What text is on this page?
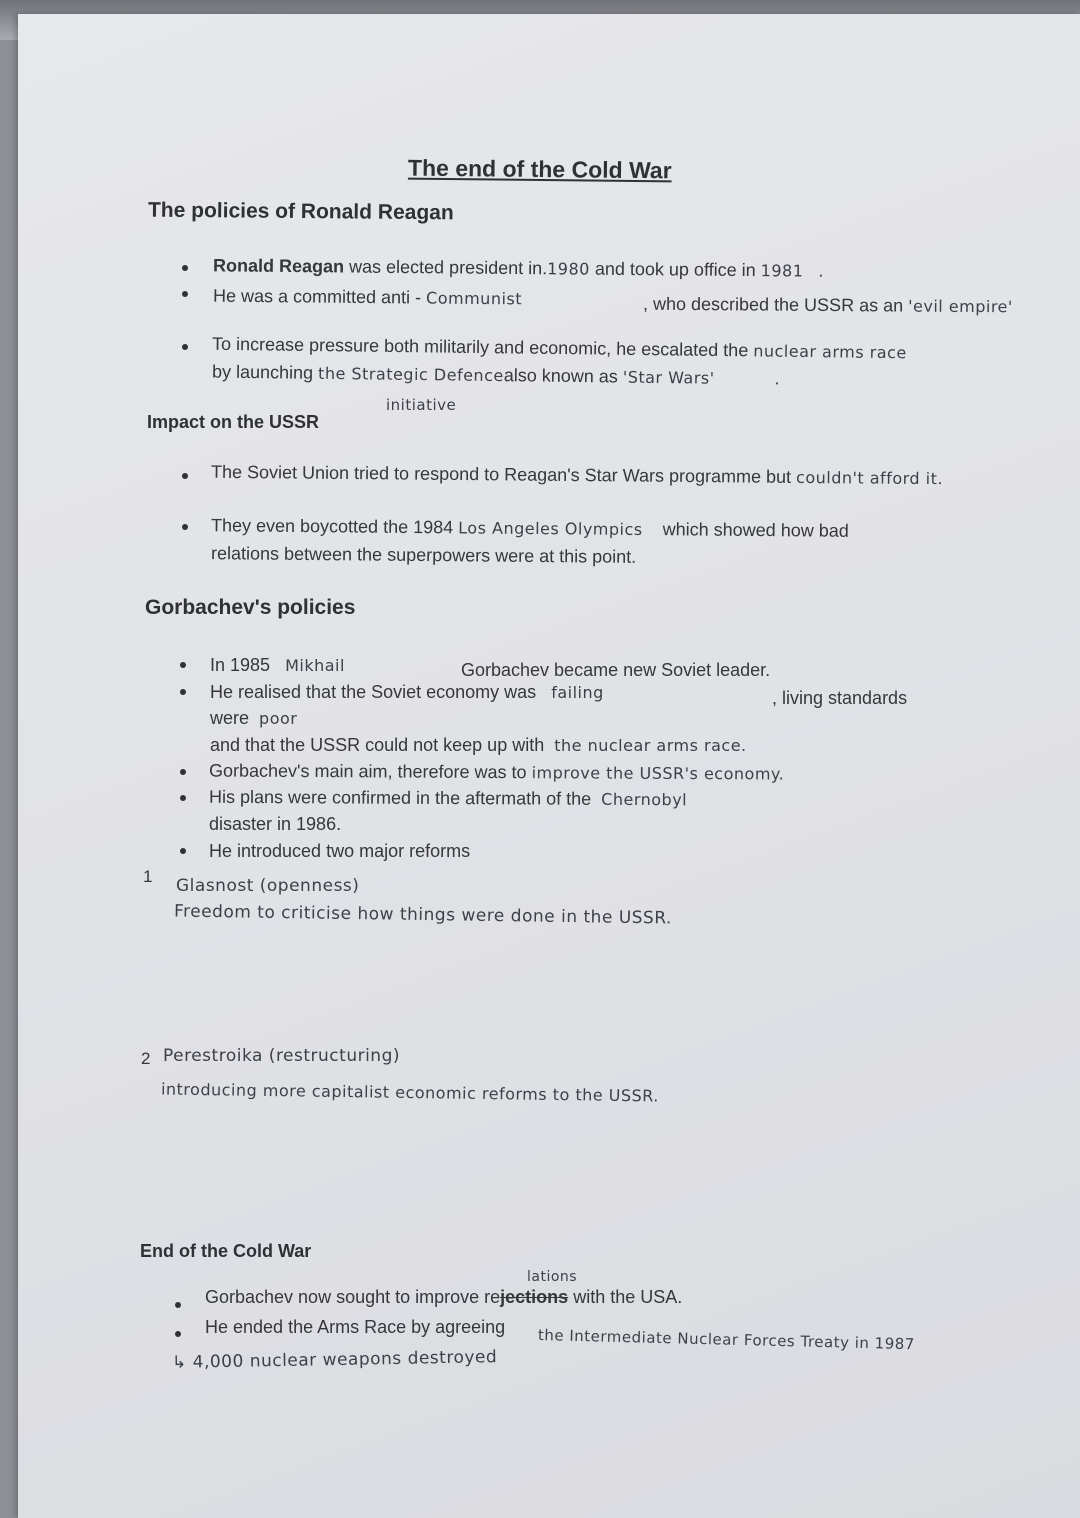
The end of the Cold War
The policies of Ronald Reagan
Ronald Reagan was elected president in.1980 and took up office in 1981 .
He was a committed anti - Communist	, who described the USSR as an 'evil empire'
To increase pressure both militarily and economic, he escalated the nuclear arms race
by launching the Strategic Defencealso known as 'Star Wars'	.
initiative
Impact on the USSR
The Soviet Union tried to respond to Reagan's Star Wars programme but couldn't afford it.
They even boycotted the 1984 Los Angeles Olympics which showed how bad
relations between the superpowers were at this point.
Gorbachev's policies
In 1985 Mikhail	Gorbachev became new Soviet leader.
He realised that the Soviet economy was failing	, living standards
were poor
and that the USSR could not keep up with the nuclear arms race.
Gorbachev's main aim, therefore was to improve the USSR's economy.
His plans were confirmed in the aftermath of the Chernobyl
disaster in 1986.
He introduced two major reforms
1 Glasnost (openness)
Freedom to criticise how things were done in the USSR.
2 Perestroika (restructuring)
introducing more capitalist economic reforms to the USSR.
End of the Cold War
lations
Gorbachev now sought to improve rejections with the USA.
He ended the Arms Race by agreeing the Intermediate Nuclear Forces Treaty in 1987
↳ 4,000 nuclear weapons destroyed
